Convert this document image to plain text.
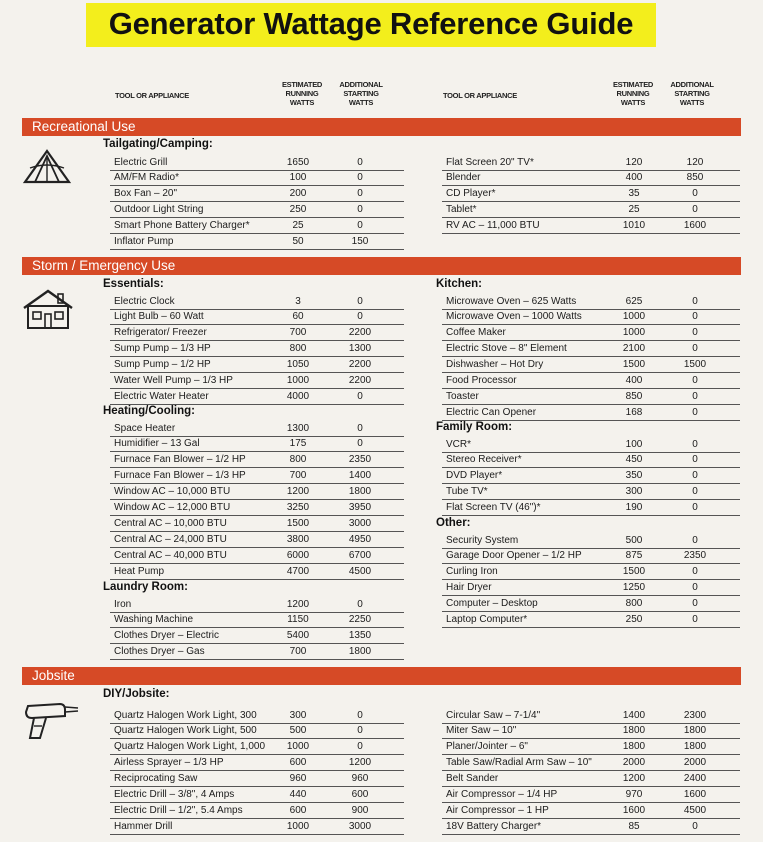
Generator Wattage Reference Guide
TOOL OR APPLIANCE
ESTIMATED
RUNNING
WATTS
ADDITIONAL
STARTING
WATTS
TOOL OR APPLIANCE
ESTIMATED
RUNNING
WATTS
ADDITIONAL
STARTING
WATTS
Recreational Use
Storm / Emergency Use
Jobsite
Tailgating/Camping:
Essentials:
Heating/Cooling:
Laundry Room:
Kitchen:
Family Room:
Other:
DIY/Jobsite:
Electric Grill	1650	0
AM/FM Radio*	100	0
Box Fan – 20"	200	0
Outdoor Light String	250	0
Smart Phone Battery Charger*	25	0
Inflator Pump	50	150
Flat Screen 20" TV*	120	120
Blender	400	850
CD Player*	35	0
Tablet*	25	0
RV AC – 11,000 BTU	1010	1600
Electric Clock	3	0
Light Bulb – 60 Watt	60	0
Refrigerator/ Freezer	700	2200
Sump Pump – 1/3 HP	800	1300
Sump Pump – 1/2 HP	1050	2200
Water Well Pump – 1/3 HP	1000	2200
Electric Water Heater	4000	0
Space Heater	1300	0
Humidifier – 13 Gal	175	0
Furnace Fan Blower – 1/2 HP	800	2350
Furnace Fan Blower – 1/3 HP	700	1400
Window AC – 10,000 BTU	1200	1800
Window AC – 12,000 BTU	3250	3950
Central AC – 10,000 BTU	1500	3000
Central AC – 24,000 BTU	3800	4950
Central AC – 40,000 BTU	6000	6700
Heat Pump	4700	4500
Iron	1200	0
Washing Machine	1150	2250
Clothes Dryer – Electric	5400	1350
Clothes Dryer – Gas	700	1800
Microwave Oven – 625 Watts	625	0
Microwave Oven – 1000 Watts	1000	0
Coffee Maker	1000	0
Electric Stove – 8" Element	2100	0
Dishwasher – Hot Dry	1500	1500
Food Processor	400	0
Toaster	850	0
Electric Can Opener	168	0
VCR*	100	0
Stereo Receiver*	450	0
DVD Player*	350	0
Tube TV*	300	0
Flat Screen TV (46")*	190	0
Security System	500	0
Garage Door Opener – 1/2 HP	875	2350
Curling Iron	1500	0
Hair Dryer	1250	0
Computer – Desktop	800	0
Laptop Computer*	250	0
Quartz Halogen Work Light, 300	300	0
Quartz Halogen Work Light, 500	500	0
Quartz Halogen Work Light, 1,000	1000	0
Airless Sprayer – 1/3 HP	600	1200
Reciprocating Saw	960	960
Electric Drill – 3/8", 4 Amps	440	600
Electric Drill – 1/2", 5.4 Amps	600	900
Hammer Drill	1000	3000
Circular Saw – 7-1/4"	1400	2300
Miter Saw – 10"	1800	1800
Planer/Jointer – 6"	1800	1800
Table Saw/Radial Arm Saw – 10"	2000	2000
Belt Sander	1200	2400
Air Compressor – 1/4 HP	970	1600
Air Compressor – 1 HP	1600	4500
18V Battery Charger*	85	0
